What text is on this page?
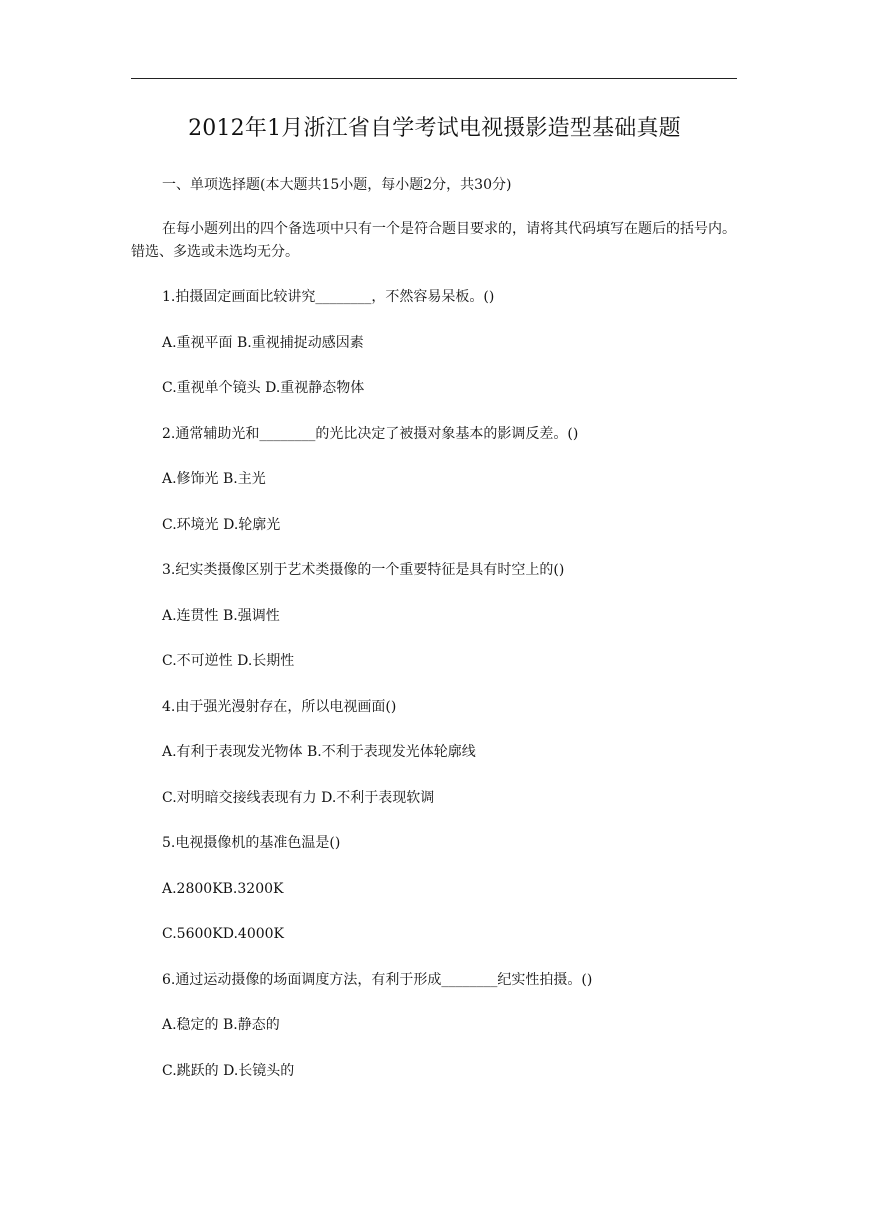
2012年1月浙江省自学考试电视摄影造型基础真题
一、单项选择题(本大题共15小题，每小题2分，共30分)
在每小题列出的四个备选项中只有一个是符合题目要求的，请将其代码填写在题后的括号内。错选、多选或未选均无分。
1.拍摄固定画面比较讲究________，不然容易呆板。()
A.重视平面 B.重视捕捉动感因素
C.重视单个镜头 D.重视静态物体
2.通常辅助光和________的光比决定了被摄对象基本的影调反差。()
A.修饰光 B.主光
C.环境光 D.轮廓光
3.纪实类摄像区别于艺术类摄像的一个重要特征是具有时空上的()
A.连贯性 B.强调性
C.不可逆性 D.长期性
4.由于强光漫射存在，所以电视画面()
A.有利于表现发光物体 B.不利于表现发光体轮廓线
C.对明暗交接线表现有力 D.不利于表现软调
5.电视摄像机的基准色温是()
A.2800KB.3200K
C.5600KD.4000K
6.通过运动摄像的场面调度方法，有利于形成________纪实性拍摄。()
A.稳定的 B.静态的
C.跳跃的 D.长镜头的
